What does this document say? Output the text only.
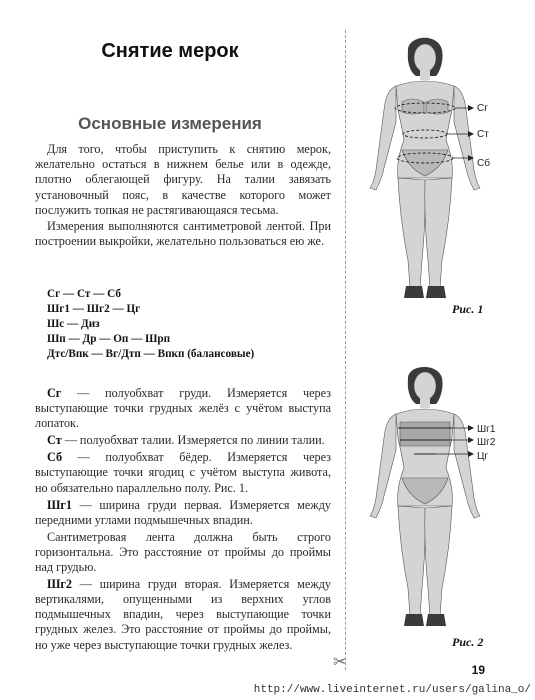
Снятие мерок
Основные измерения

Для того, чтобы приступить к снятию мерок, желательно остаться в нижнем белье или в одежде, плотно облегающей фигуру. На талии завязать установочный пояс, в качестве которого может послужить топкая не растягивающаяся тесьма.

Измерения выполняются сантиметровой лентой. При построении выкройки, желательно пользоваться ею же.

Сг — Ст — Сб
Шг1 — Шг2 — Цг
Шс — Диз
Шп — Др — Оп — Шрп
Дтс/Впк — Вг/Дтп — Впкп (балансовые)

Сг — полуобхват груди. Измеряется через выступающие точки грудных желёз с учётом выступа лопаток.

Ст — полуобхват талии. Измеряется по линии талии.

Сб — полуобхват бёдер. Измеряется через выступающие точки ягодиц с учётом выступа живота, но обязательно параллельно полу. Рис. 1.

Шг1 — ширина груди первая. Измеряется между передними углами подмышечных впадин.

Сантиметровая лента должна быть строго горизонтальна. Это расстояние от проймы до проймы над грудью.

Шг2 — ширина груди вторая. Измеряется между вертикалями, опущенными из верхних углов подмышечных впадин, через выступающие точки грудных желез. Это расстояние от проймы до проймы, но уже через выступающие точки грудных желез.

Сг
Ст
Сб
Рис. 1
Шг1
Шг2
Цг
Рис. 2
✂	19
http://www.liveinternet.ru/users/galina_o/
